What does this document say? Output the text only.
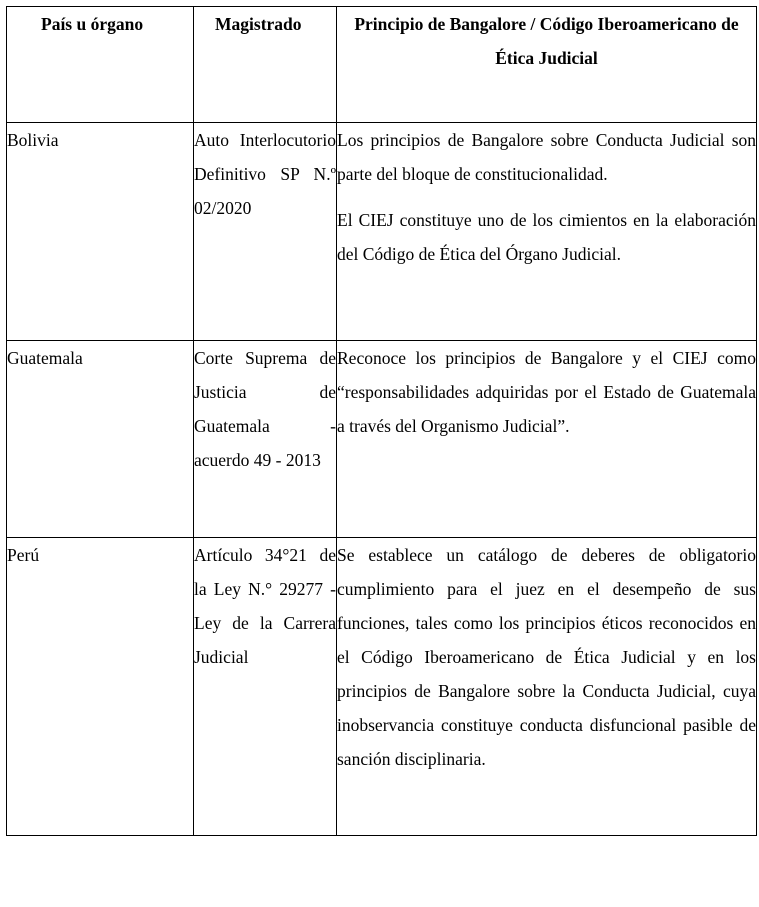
País u órgano	Magistrado	Principio de Bangalore / Código Iberoamericano de Ética Judicial
Bolivia	Auto Interlocutorio Definitivo SP N.º 02/2020	Los principios de Bangalore sobre Conducta Judicial son parte del bloque de constitucionalidad.

El CIEJ constituye uno de los cimientos en la elaboración del Código de Ética del Órgano Judicial.

Guatemala	Corte Suprema de Justicia de Guatemala - acuerdo 49 - 2013	Reconoce los principios de Bangalore y el CIEJ como “responsabilidades adquiridas por el Estado de Guatemala a través del Organismo Judicial”.

Perú	Artículo 34°21 de la Ley N.° 29277 - Ley de la Carrera Judicial	Se establece un catálogo de deberes de obligatorio cumplimiento para el juez en el desempeño de sus funciones, tales como los principios éticos reconocidos en el Código Iberoamericano de Ética Judicial y en los principios de Bangalore sobre la Conducta Judicial, cuya inobservancia constituye conducta disfuncional pasible de sanción disciplinaria.
